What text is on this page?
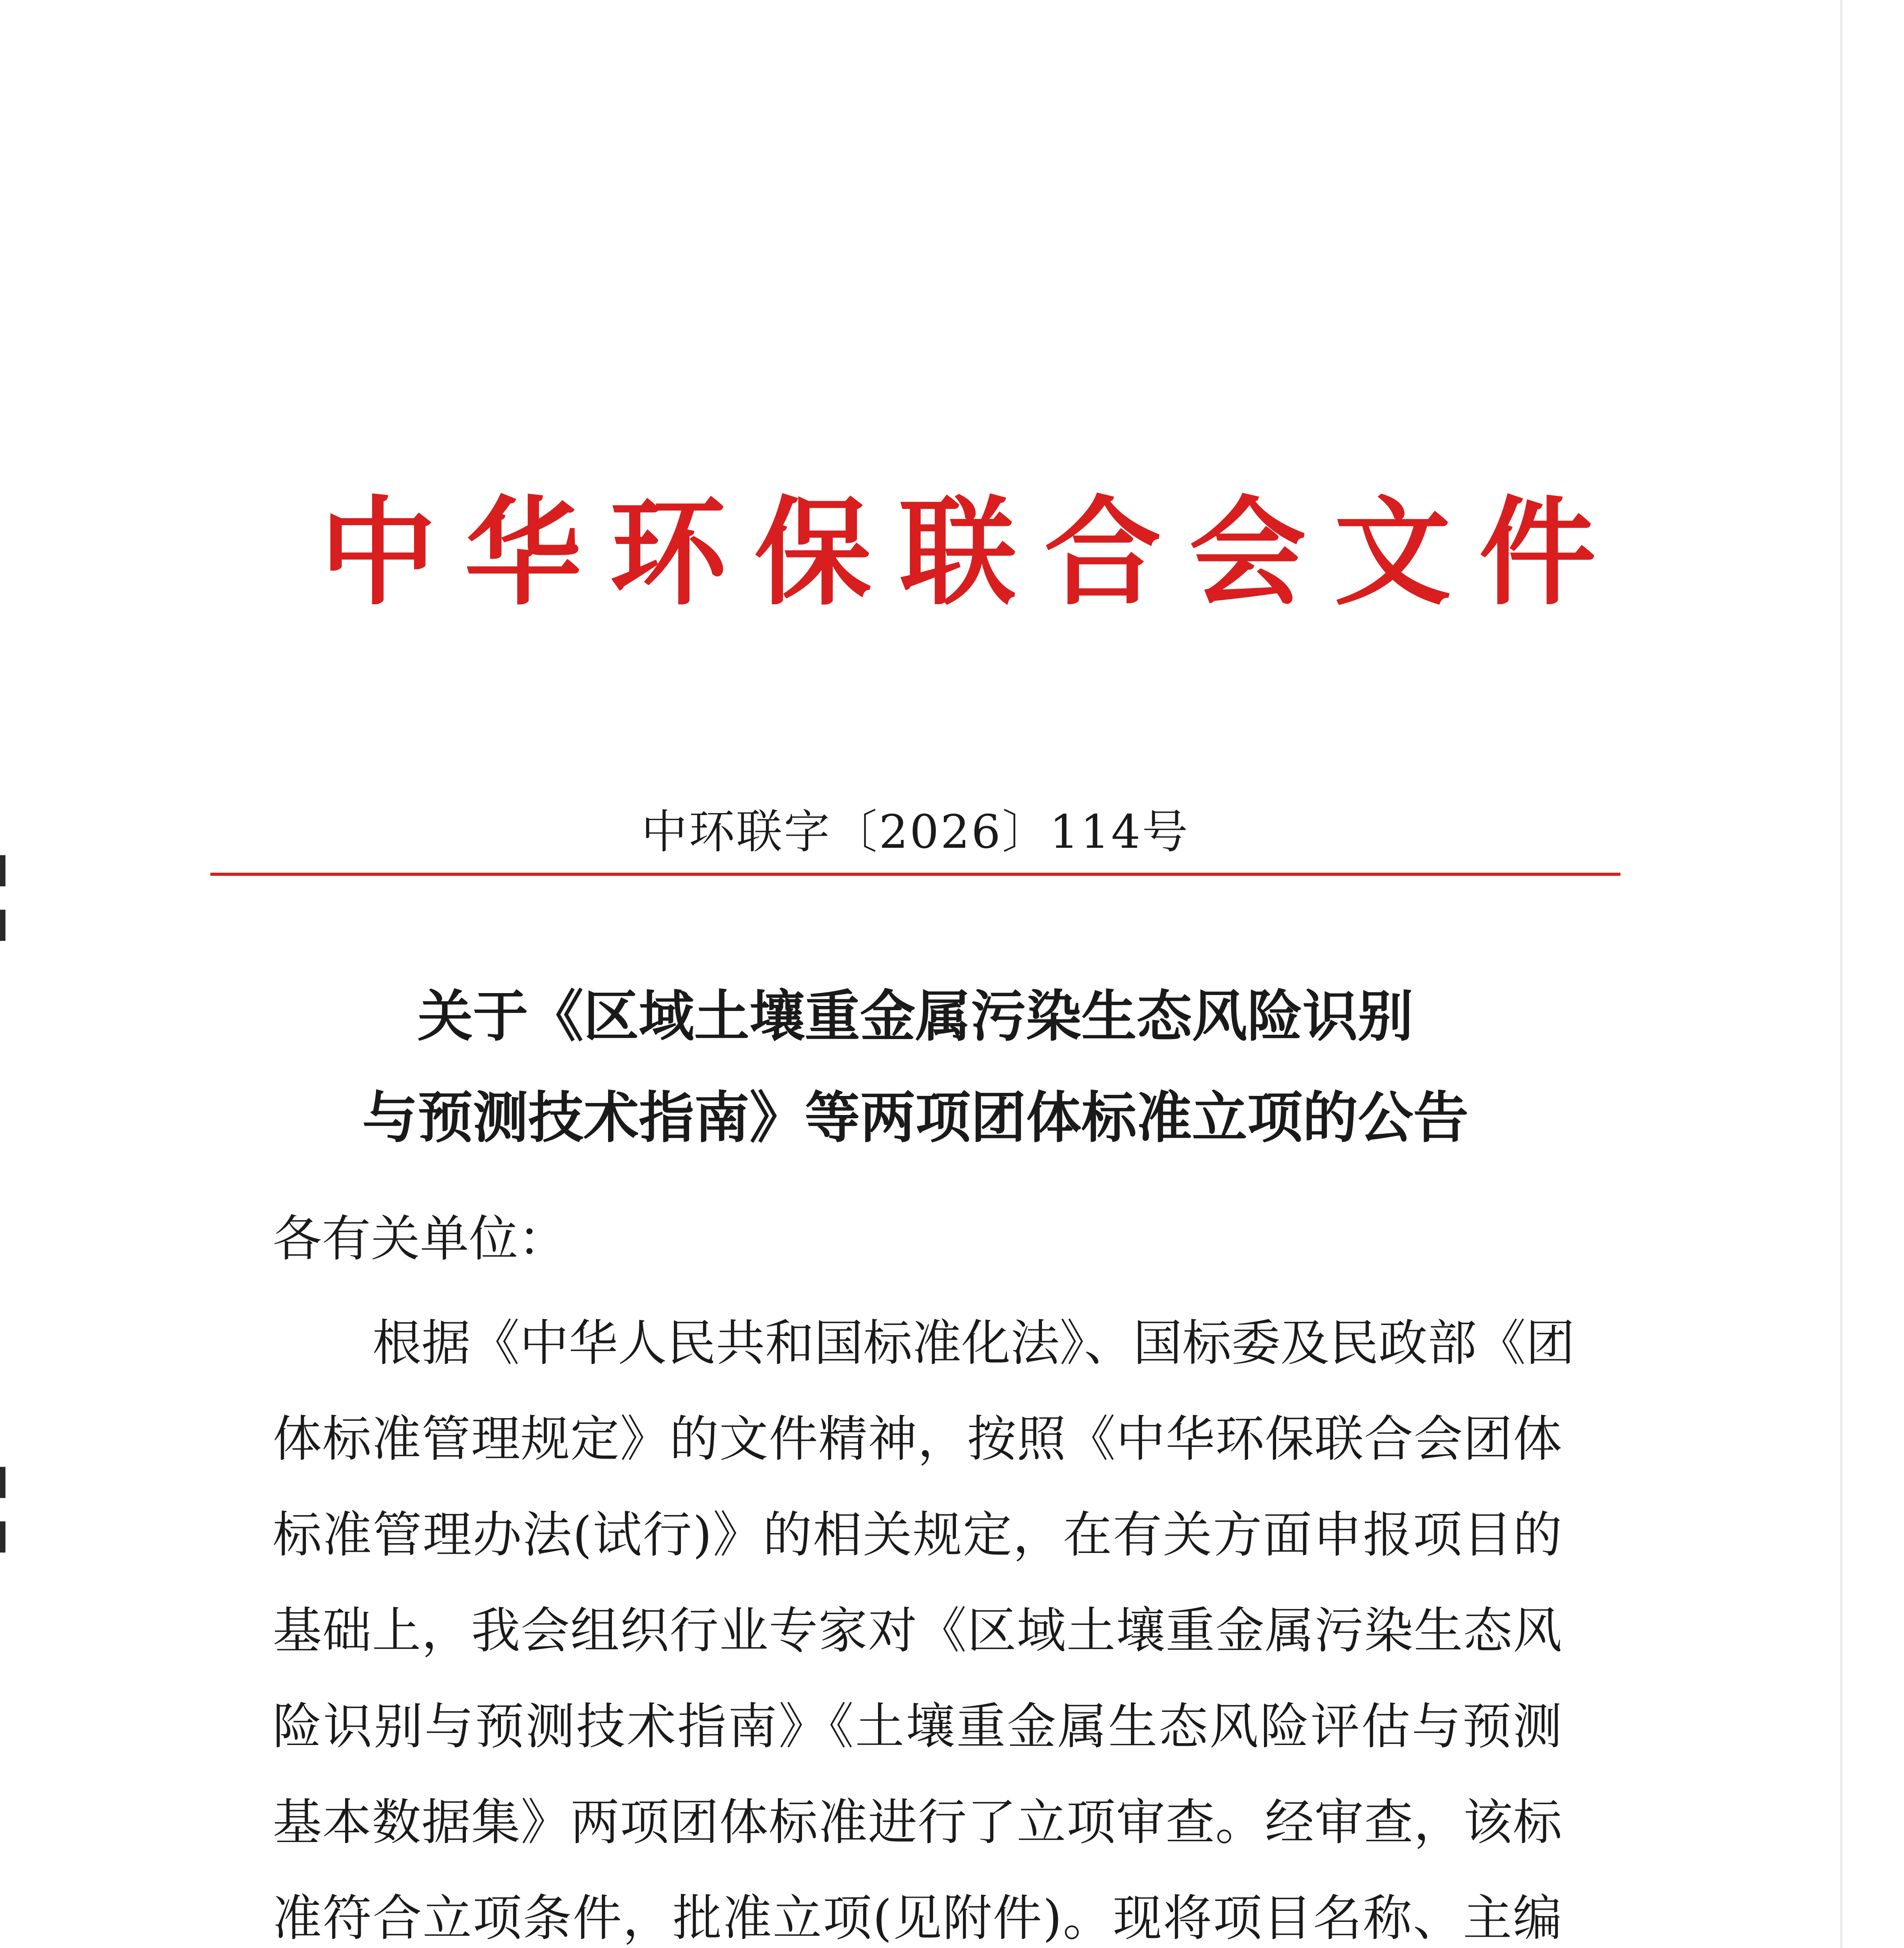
中华环保联合会文件
中环联字〔2026〕114号
关于《区域土壤重金属污染生态风险识别
与预测技术指南》等两项团体标准立项的公告
各有关单位：
根据《中华人民共和国标准化法》、国标委及民政部《团
体标准管理规定》的文件精神，按照《中华环保联合会团体
标准管理办法(试行)》的相关规定，在有关方面申报项目的
基础上，我会组织行业专家对《区域土壤重金属污染生态风
险识别与预测技术指南》《土壤重金属生态风险评估与预测
基本数据集》两项团体标准进行了立项审查。经审查，该标
准符合立项条件，批准立项(见附件)。现将项目名称、主编
